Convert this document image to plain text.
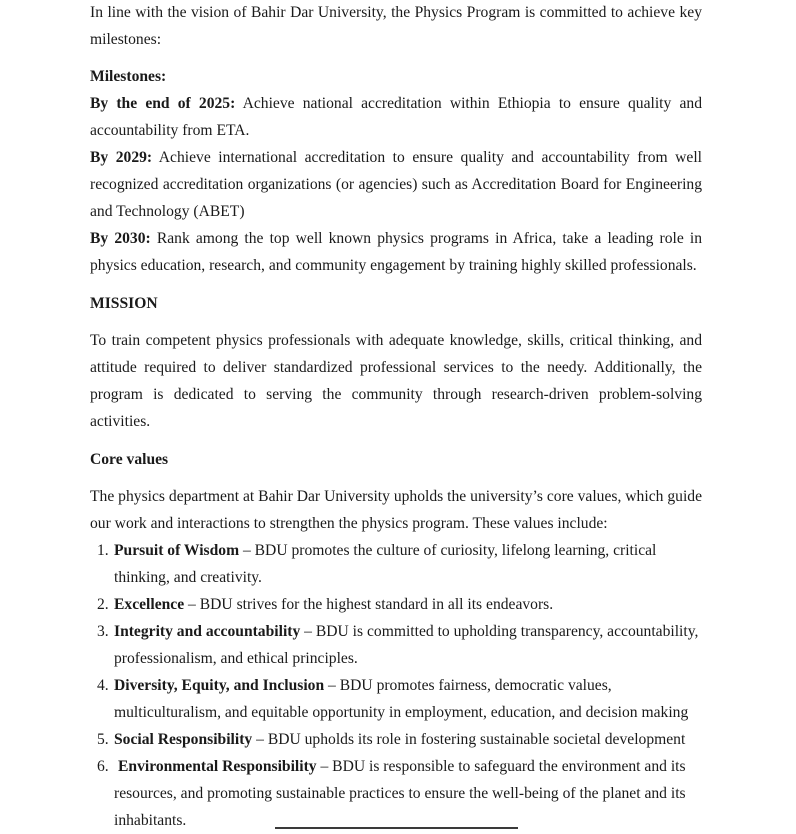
In line with the vision of Bahir Dar University, the Physics Program is committed to achieve key milestones:

Milestones:

By the end of 2025: Achieve national accreditation within Ethiopia to ensure quality and accountability from ETA.

By 2029: Achieve international accreditation to ensure quality and accountability from well recognized accreditation organizations (or agencies) such as Accreditation Board for Engineering and Technology (ABET)

By 2030: Rank among the top well known physics programs in Africa, take a leading role in physics education, research, and community engagement by training highly skilled professionals.

MISSION

To train competent physics professionals with adequate knowledge, skills, critical thinking, and attitude required to deliver standardized professional services to the needy. Additionally, the program is dedicated to serving the community through research-driven problem-solving activities.

Core values

The physics department at Bahir Dar University upholds the university’s core values, which guide our work and interactions to strengthen the physics program. These values include:

1. Pursuit of Wisdom – BDU promotes the culture of curiosity, lifelong learning, critical thinking, and creativity.
2. Excellence – BDU strives for the highest standard in all its endeavors.
3. Integrity and accountability – BDU is committed to upholding transparency, accountability, professionalism, and ethical principles.
4. Diversity, Equity, and Inclusion – BDU promotes fairness, democratic values, multiculturalism, and equitable opportunity in employment, education, and decision making
5. Social Responsibility – BDU upholds its role in fostering sustainable societal development
6. Environmental Responsibility – BDU is responsible to safeguard the environment and its resources, and promoting sustainable practices to ensure the well-being of the planet and its inhabitants.
